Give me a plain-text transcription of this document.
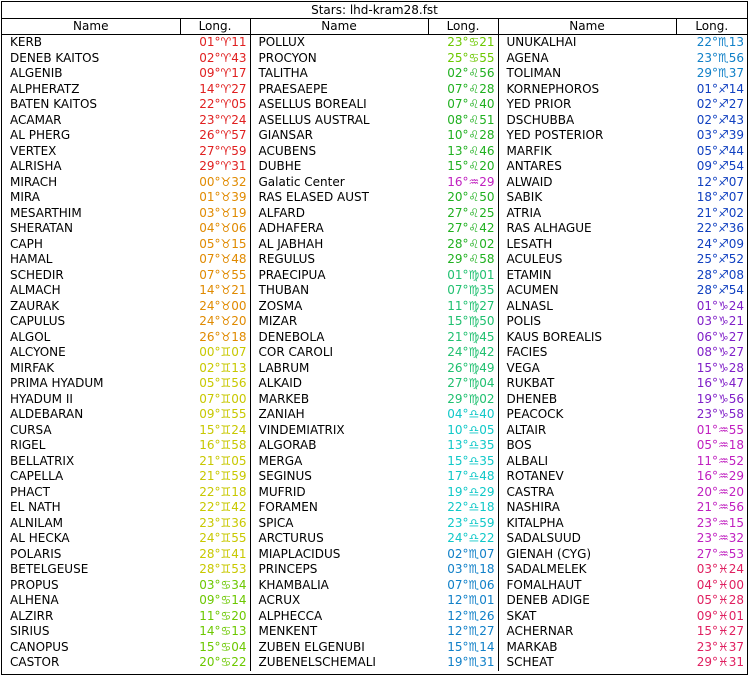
Stars: lhd-kram28.fst
Name	Long.	Name	Long.	Name	Long.
KERB	01°♈11	POLLUX	23°♋21	UNUKALHAI	22°♏13
DENEB KAITOS	02°♈43	PROCYON	25°♋55	AGENA	23°♏56
ALGENIB	09°♈17	TALITHA	02°♌56	TOLIMAN	29°♏37
ALPHERATZ	14°♈27	PRAESAEPE	07°♌28	KORNEPHOROS	01°♐14
BATEN KAITOS	22°♈05	ASELLUS BOREALI	07°♌40	YED PRIOR	02°♐27
ACAMAR	23°♈24	ASELLUS AUSTRAL	08°♌51	DSCHUBBA	02°♐43
AL PHERG	26°♈57	GIANSAR	10°♌28	YED POSTERIOR	03°♐39
VERTEX	27°♈59	ACUBENS	13°♌46	MARFIK	05°♐44
ALRISHA	29°♈31	DUBHE	15°♌20	ANTARES	09°♐54
MIRACH	00°♉32	Galatic Center	16°♒29	ALWAID	12°♐07
MIRA	01°♉39	RAS ELASED AUST	20°♌50	SABIK	18°♐07
MESARTHIM	03°♉19	ALFARD	27°♌25	ATRIA	21°♐02
SHERATAN	04°♉06	ADHAFERA	27°♌42	RAS ALHAGUE	22°♐36
CAPH	05°♉15	AL JABHAH	28°♌02	LESATH	24°♐09
HAMAL	07°♉48	REGULUS	29°♌58	ACULEUS	25°♐52
SCHEDIR	07°♉55	PRAECIPUA	01°♍01	ETAMIN	28°♐08
ALMACH	14°♉21	THUBAN	07°♍35	ACUMEN	28°♐54
ZAURAK	24°♉00	ZOSMA	11°♍27	ALNASL	01°♑24
CAPULUS	24°♉20	MIZAR	15°♍50	POLIS	03°♑21
ALGOL	26°♉18	DENEBOLA	21°♍45	KAUS BOREALIS	06°♑27
ALCYONE	00°♊07	COR CAROLI	24°♍42	FACIES	08°♑27
MIRFAK	02°♊13	LABRUM	26°♍49	VEGA	15°♑28
PRIMA HYADUM	05°♊56	ALKAID	27°♍04	RUKBAT	16°♑47
HYADUM II	07°♊00	MARKEB	29°♍02	DHENEB	19°♑56
ALDEBARAN	09°♊55	ZANIAH	04°♎40	PEACOCK	23°♑58
CURSA	15°♊24	VINDEMIATRIX	10°♎05	ALTAIR	01°♒55
RIGEL	16°♊58	ALGORAB	13°♎35	BOS	05°♒18
BELLATRIX	21°♊05	MERGA	15°♎35	ALBALI	11°♒52
CAPELLA	21°♊59	SEGINUS	17°♎48	ROTANEV	16°♒29
PHACT	22°♊18	MUFRID	19°♎29	CASTRA	20°♒20
EL NATH	22°♊42	FORAMEN	22°♎18	NASHIRA	21°♒56
ALNILAM	23°♊36	SPICA	23°♎59	KITALPHA	23°♒15
AL HECKA	24°♊55	ARCTURUS	24°♎22	SADALSUUD	23°♒32
POLARIS	28°♊41	MIAPLACIDUS	02°♏07	GIENAH (CYG)	27°♒53
BETELGEUSE	28°♊53	PRINCEPS	03°♏18	SADALMELEK	03°♓24
PROPUS	03°♋34	KHAMBALIA	07°♏06	FOMALHAUT	04°♓00
ALHENA	09°♋14	ACRUX	12°♏01	DENEB ADIGE	05°♓28
ALZIRR	11°♋20	ALPHECCA	12°♏26	SKAT	09°♓01
SIRIUS	14°♋13	MENKENT	12°♏27	ACHERNAR	15°♓27
CANOPUS	15°♋04	ZUBEN ELGENUBI	15°♏14	MARKAB	23°♓37
CASTOR	20°♋22	ZUBENELSCHEMALI	19°♏31	SCHEAT	29°♓31
